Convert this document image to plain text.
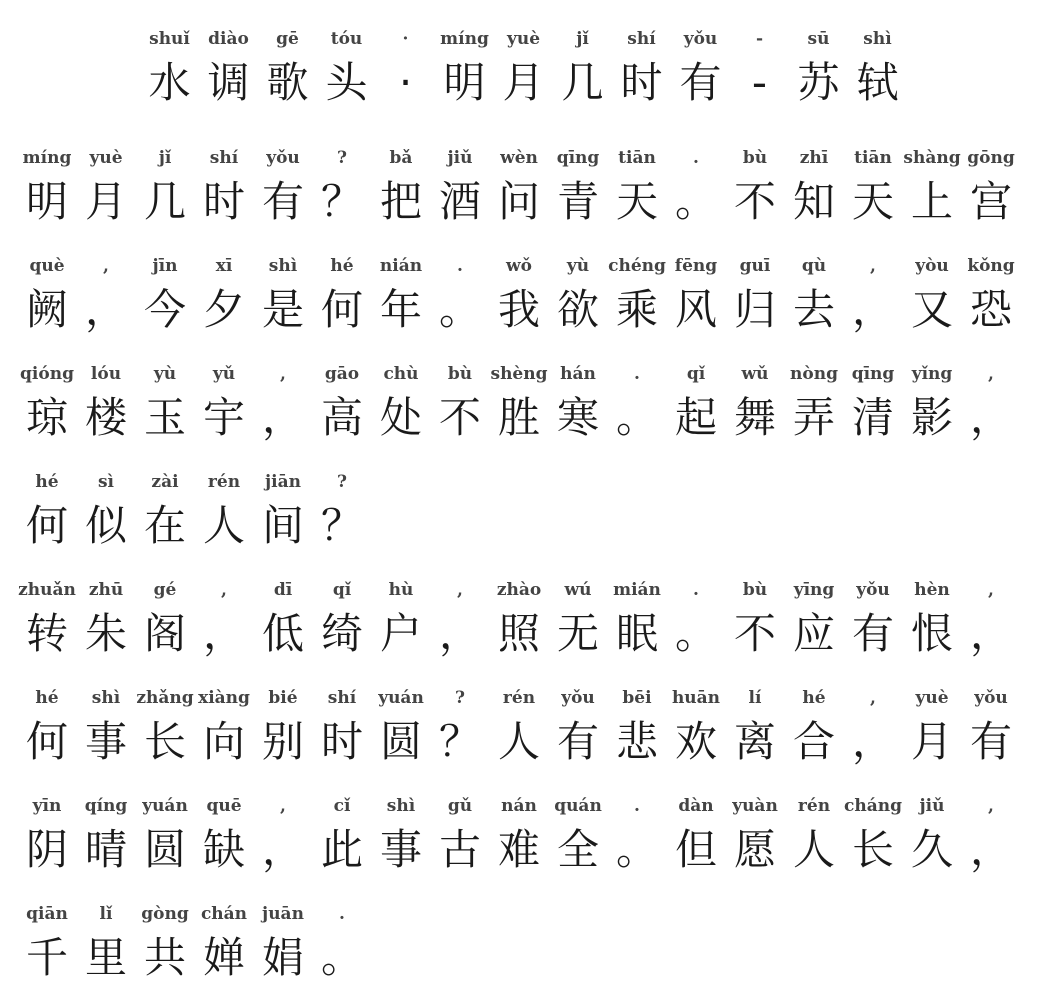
shuǐ
水
diào
调
gē
歌
tóu
头
·
·
míng
明
yuè
月
jǐ
几
shí
时
yǒu
有
-
-
sū
苏
shì
轼
míng
明
yuè
月
jǐ
几
shí
时
yǒu
有
?
？
bǎ
把
jiǔ
酒
wèn
问
qīng
青
tiān
天
.
。
bù
不
zhī
知
tiān
天
shàng
上
gōng
宫
què
阙
,
，
jīn
今
xī
夕
shì
是
hé
何
nián
年
.
。
wǒ
我
yù
欲
chéng
乘
fēng
风
guī
归
qù
去
,
，
yòu
又
kǒng
恐
qióng
琼
lóu
楼
yù
玉
yǔ
宇
,
，
gāo
高
chù
处
bù
不
shèng
胜
hán
寒
.
。
qǐ
起
wǔ
舞
nòng
弄
qīng
清
yǐng
影
,
，
hé
何
sì
似
zài
在
rén
人
jiān
间
?
？
zhuǎn
转
zhū
朱
gé
阁
,
，
dī
低
qǐ
绮
hù
户
,
，
zhào
照
wú
无
mián
眠
.
。
bù
不
yīng
应
yǒu
有
hèn
恨
,
，
hé
何
shì
事
zhǎng
长
xiàng
向
bié
别
shí
时
yuán
圆
?
？
rén
人
yǒu
有
bēi
悲
huān
欢
lí
离
hé
合
,
，
yuè
月
yǒu
有
yīn
阴
qíng
晴
yuán
圆
quē
缺
,
，
cǐ
此
shì
事
gǔ
古
nán
难
quán
全
.
。
dàn
但
yuàn
愿
rén
人
cháng
长
jiǔ
久
,
，
qiān
千
lǐ
里
gòng
共
chán
婵
juān
娟
.
。
